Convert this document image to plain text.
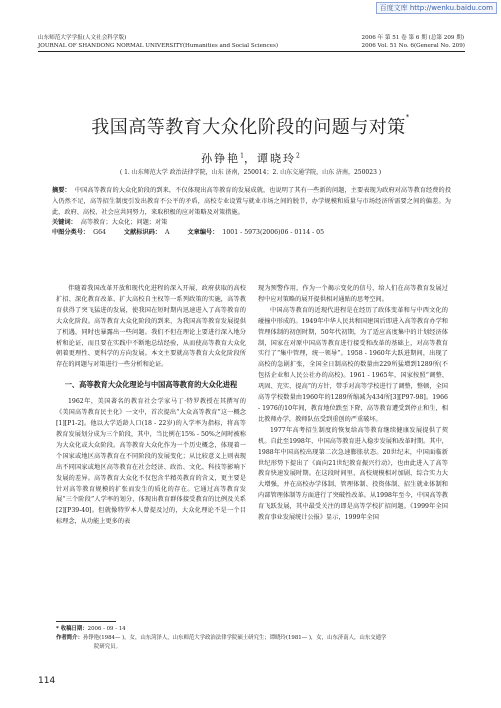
百度文库 http://wenku.baidu.com
山东师范大学学报(人文社会科学版)
JOURNAL OF SHANDONG NORMAL UNIVERSITY(Humanities and Social Sciences)
2006 年 第 51 卷 第 6 期 (总第 209 期)
2006 Vol. 51 No. 6(General No. 209)
我国高等教育大众化阶段的问题与对策*
孙铮艳$^1$，谭晓玲$^2$
( 1. 山东师范大学 政治法律学院，山东 济南，250014；2. 山东交通学院，山东 济南，250023 )
摘要： 中国高等教育的大众化阶段的到来，不仅体现出高等教育的发展成就，也说明了其有一些新的问题，主要表现为政府对高等教育经费的投入仍然不足，高等招生制度引发出教育不公平的矛盾，高校专业设置与就业市场之间的脱节，办学规模和质量与市场经济所需要之间的偏差。为此，政府、高校、社会应共同努力，来取积极的应对策略及对策措施。
关键词： 高等教育；大众化；问题；对策
中图分类号： G64	文献标识码： A	文章编号： 1001 - 5973(2006)06 - 0114 - 05

伴随着我国改革开放和现代化进程的深入开展，政府获取的高校扩招、深化教育改革、扩大高校自主权等一系列政策的实施，高等教育获得了突飞猛进的发展，使我国在短时期内迅速进入了高等教育的大众化阶段。高等教育大众化阶段的到来，为我国高等教育发展提供了机遇，同时也暴露出一些问题。我们不但在理论上要进行深入地分析和论证，而且要在实践中不断地总结经验，从而使高等教育大众化朝着更理性、更科学的方向发展。本文主要就高等教育大众化阶段所存在的问题与对策进行一些分析和论证。

一、高等教育大众化理论与中国高等教育的大众化进程

1962年，美国著名的教育社会学家马丁·特罗教授在其撰写的《美国高等教育民主化》一文中，首次提出“大众高等教育”这一概念[1][P1-2]。他以大学适龄人口(18 - 22岁)的入学率为指标，将高等教育发展划分成为三个阶段，其中，当比例在15% - 50%之间时被称为大众化或大众阶段。高等教育大众化作为一个历史概念，体现着一个国家或地区高等教育在不同阶段的发展变化；从比较意义上则表现出不同国家或地区高等教育在社会经济、政治、文化、科技等影响下发展的差异。高等教育大众化不仅包含半精英教育的含义，更主要是针对高等教育规模的扩张而发生的质化的存在。它通过高等教育发展“三个阶段”人学率的划分，体现出教育群体接受教育的比例及关系[2][P39-40]。但就像特罗本人曾提及过的，大众化理论不是一个目标理念，从功能上更多的表

现为预警作用，作为一个揭示变化的信号，给人们在高等教育发展过程中应对策略的展开提供相对通贴的思考空间。

中国高等教育的近现代进程是在经历了政体变革和与中西文化的碰撞中形成的。1949年中华人民共和国建国后即进入高等教育办学和管理体制的初创时期，50年代初期，为了适应高度集中的计划经济体制，国家在对原中国高等教育进行接受和改革的基础上，对高等教育实行了“集中管理，统一领导”。1958 - 1960年大跃进期间，出现了高校的急剧扩张，全国全日制高校的数量由229所猛增到1289所(不包括企业和人民公社办的高校)。1961 - 1965年，国家按照“调整、巩固、充实、提高”的方针，带手对高等学校进行了调整，整顿，全国高等学校数量由1960年的1289所缩减为434所[3][P97-98]。1966 - 1976的10年间，教育地位跌至下降，高等教育遭受到停止和生，相比教师办学，教师队伍受到重创的严重破坏。

1977年高考招生制度的恢复给高等教育继续健康发展提供了契机。自此至1998年，中国高等教育进入稳步发展和改革时期。其中，1988年中国高校出现第二次急速膨胀状态。20世纪末，中国面临新世纪形势下提出了《面向21世纪教育振兴行动》，也由此进入了高等教育快速发展时期。在这段时间里，高校规模相对加剧，综合实力大大增强，并在高校办学体制、管理体制、投资体制、招生就业体制和内部管理体制等方面进行了突破性改革。从1998年至今，中国高等教育飞跃发展，其中最受关注的即是高等学校扩招问题。《1999年全国教育事业发展统计公报》显示，1999年全国

* 收稿日期：2006 - 09 - 14
作者简介：孙铮艳(1984— )，女，山东菏泽人，山东师范大学政治法律学院硕士研究生；谭晓玲(1981— )，女，山东济南人，山东交通学
院研究员。
114
